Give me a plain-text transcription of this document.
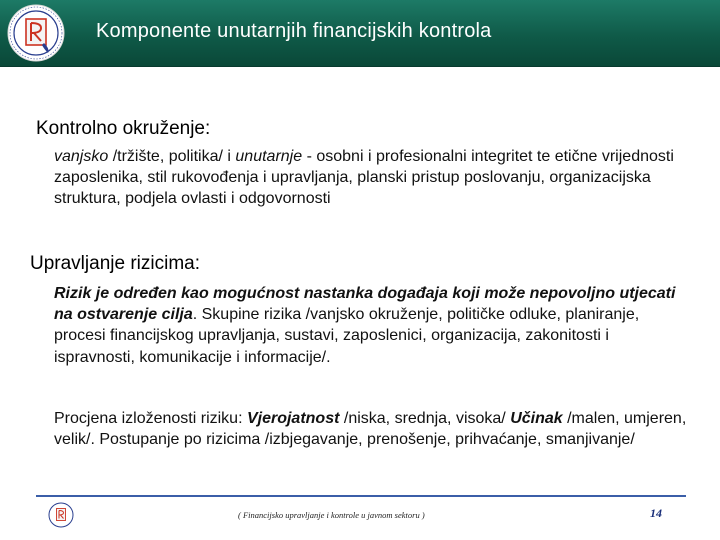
Komponente unutarnjih financijskih kontrola
Kontrolno okruženje:
vanjsko /tržište, politika/ i unutarnje - osobni i profesionalni integritet te etične vrijednosti zaposlenika, stil rukovođenja i upravljanja, planski pristup poslovanju, organizacijska struktura, podjela ovlasti i odgovornosti
Upravljanje rizicima:
Rizik je određen kao mogućnost nastanka događaja koji može nepovoljno utjecati na ostvarenje cilja. Skupine rizika /vanjsko okruženje, političke odluke, planiranje, procesi financijskog upravljanja, sustavi, zaposlenici, organizacija, zakonitosti i ispravnosti, komunikacije i informacije/.
Procjena izloženosti riziku: Vjerojatnost /niska, srednja, visoka/ Učinak /malen, umjeren, velik/. Postupanje po rizicima /izbjegavanje, prenošenje, prihvaćanje, smanjivanje/
( Financijsko upravljanje i kontrole u javnom sektoru )	14
